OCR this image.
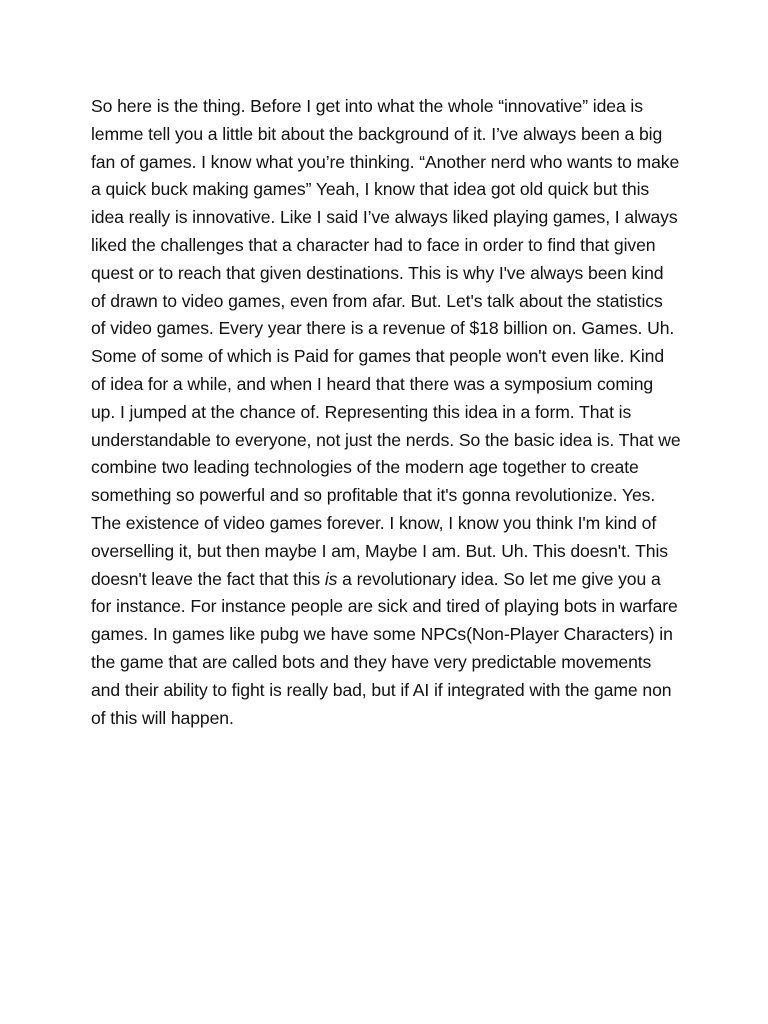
So here is the thing. Before I get into what the whole “innovative” idea is lemme tell you a little bit about the background of it. I’ve always been a big fan of games. I know what you’re thinking. “Another nerd who wants to make a quick buck making games” Yeah, I know that idea got old quick but this idea really is innovative. Like I said I’ve always liked playing games, I always liked the challenges that a character had to face in order to find that given quest or to reach that given destinations. This is why I've always been kind of drawn to video games, even from afar. But. Let's talk about the statistics of video games. Every year there is a revenue of $18 billion on. Games. Uh. Some of some of which is Paid for games that people won't even like. Kind of idea for a while, and when I heard that there was a symposium coming up. I jumped at the chance of. Representing this idea in a form. That is understandable to everyone, not just the nerds. So the basic idea is. That we combine two leading technologies of the modern age together to create something so powerful and so profitable that it's gonna revolutionize. Yes. The existence of video games forever. I know, I know you think I'm kind of overselling it, but then maybe I am, Maybe I am. But. Uh. This doesn't. This doesn't leave the fact that this is a revolutionary idea. So let me give you a for instance. For instance people are sick and tired of playing bots in warfare games. In games like pubg we have some NPCs(Non-Player Characters) in the game that are called bots and they have very predictable movements and their ability to fight is really bad, but if AI if integrated with the game non of this will happen.
